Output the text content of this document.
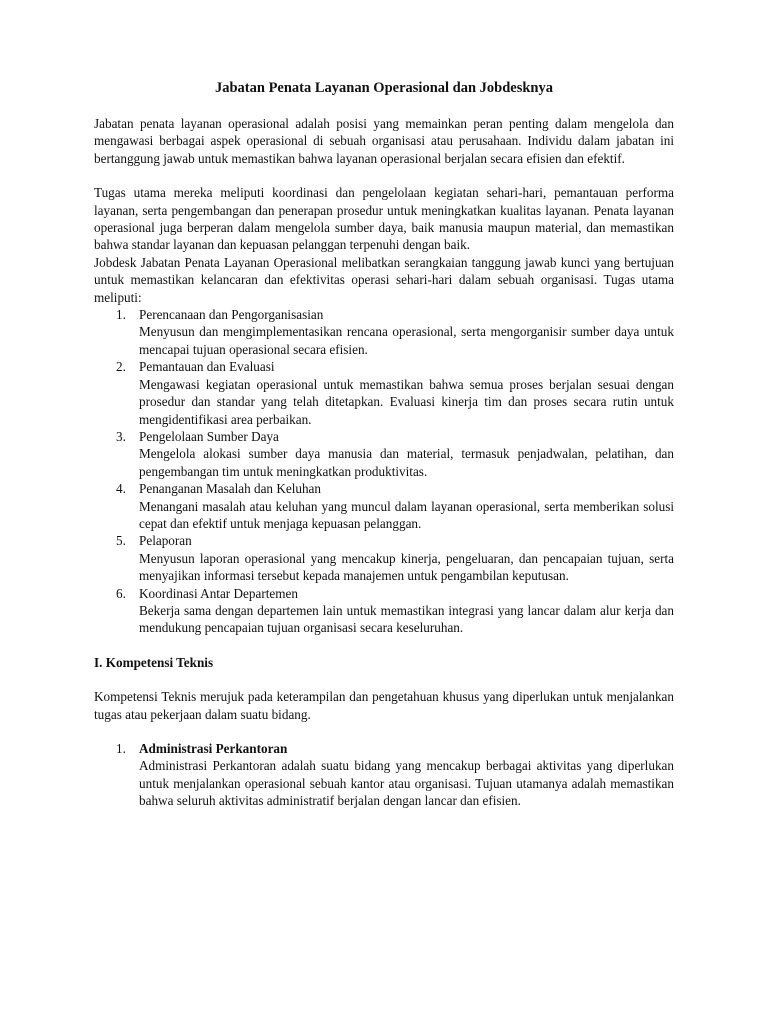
Jabatan Penata Layanan Operasional dan Jobdesknya

Jabatan penata layanan operasional adalah posisi yang memainkan peran penting dalam mengelola dan mengawasi berbagai aspek operasional di sebuah organisasi atau perusahaan. Individu dalam jabatan ini bertanggung jawab untuk memastikan bahwa layanan operasional berjalan secara efisien dan efektif.

Tugas utama mereka meliputi koordinasi dan pengelolaan kegiatan sehari-hari, pemantauan performa layanan, serta pengembangan dan penerapan prosedur untuk meningkatkan kualitas layanan. Penata layanan operasional juga berperan dalam mengelola sumber daya, baik manusia maupun material, dan memastikan bahwa standar layanan dan kepuasan pelanggan terpenuhi dengan baik.

Jobdesk Jabatan Penata Layanan Operasional melibatkan serangkaian tanggung jawab kunci yang bertujuan untuk memastikan kelancaran dan efektivitas operasi sehari-hari dalam sebuah organisasi. Tugas utama meliputi:

1. Perencanaan dan Pengorganisasian
Menyusun dan mengimplementasikan rencana operasional, serta mengorganisir sumber daya untuk mencapai tujuan operasional secara efisien.
2. Pemantauan dan Evaluasi
Mengawasi kegiatan operasional untuk memastikan bahwa semua proses berjalan sesuai dengan prosedur dan standar yang telah ditetapkan. Evaluasi kinerja tim dan proses secara rutin untuk mengidentifikasi area perbaikan.
3. Pengelolaan Sumber Daya
Mengelola alokasi sumber daya manusia dan material, termasuk penjadwalan, pelatihan, dan pengembangan tim untuk meningkatkan produktivitas.
4. Penanganan Masalah dan Keluhan
Menangani masalah atau keluhan yang muncul dalam layanan operasional, serta memberikan solusi cepat dan efektif untuk menjaga kepuasan pelanggan.
5. Pelaporan
Menyusun laporan operasional yang mencakup kinerja, pengeluaran, dan pencapaian tujuan, serta menyajikan informasi tersebut kepada manajemen untuk pengambilan keputusan.
6. Koordinasi Antar Departemen
Bekerja sama dengan departemen lain untuk memastikan integrasi yang lancar dalam alur kerja dan mendukung pencapaian tujuan organisasi secara keseluruhan.

I. Kompetensi Teknis

Kompetensi Teknis merujuk pada keterampilan dan pengetahuan khusus yang diperlukan untuk menjalankan tugas atau pekerjaan dalam suatu bidang.

1. Administrasi Perkantoran
Administrasi Perkantoran adalah suatu bidang yang mencakup berbagai aktivitas yang diperlukan untuk menjalankan operasional sebuah kantor atau organisasi. Tujuan utamanya adalah memastikan bahwa seluruh aktivitas administratif berjalan dengan lancar dan efisien.
